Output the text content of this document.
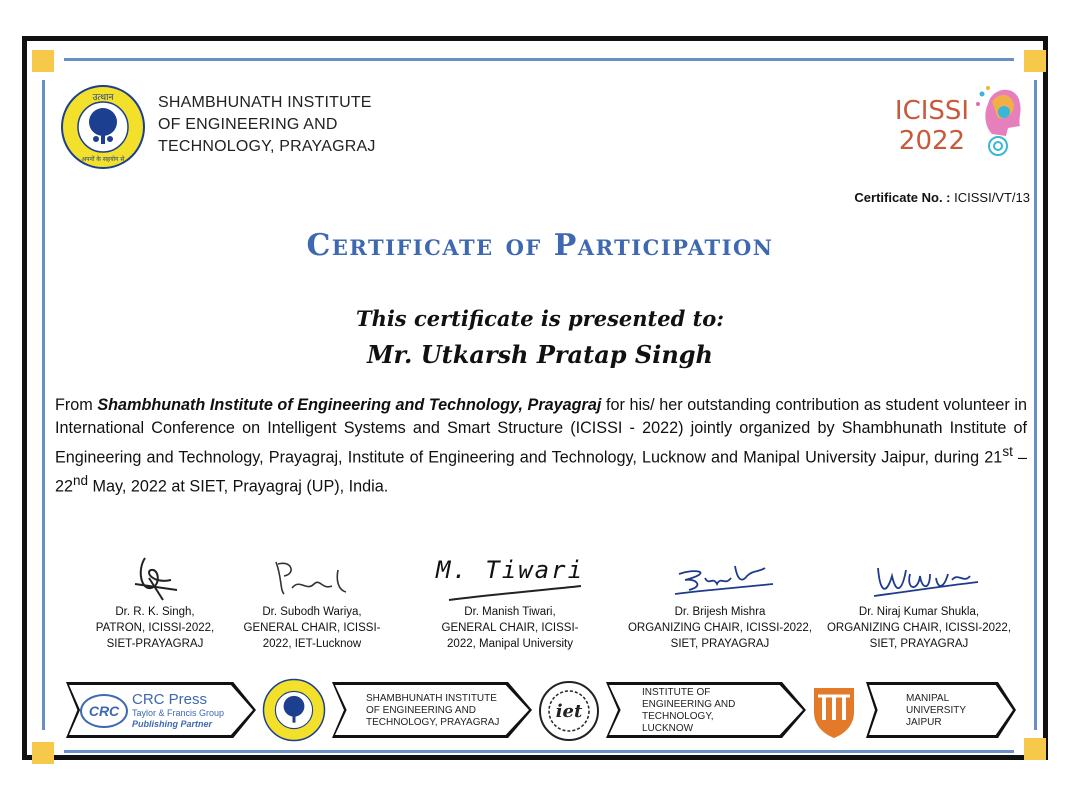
उत्थान
अपनों के सहयोग से
SHAMBHUNATH INSTITUTE
OF ENGINEERING AND
TECHNOLOGY, PRAYAGRAJ
ICISSI
2022
Certificate No. : ICISSI/VT/13
Certificate of Participation
This certificate is presented to:
Mr. Utkarsh Pratap Singh
From Shambhunath Institute of Engineering and Technology, Prayagraj for his/ her outstanding contribution as student volunteer in International Conference on Intelligent Systems and Smart Structure (ICISSI - 2022) jointly organized by Shambhunath Institute of Engineering and Technology, Prayagraj, Institute of Engineering and Technology, Lucknow and Manipal University Jaipur, during 21st – 22nd May, 2022 at SIET, Prayagraj (UP), India.
Dr. R. K. Singh,
PATRON, ICISSI-2022,
SIET-PRAYAGRAJ
Dr. Subodh Wariya,
GENERAL CHAIR, ICISSI-
2022, IET-Lucknow
M. Tiwari
Dr. Manish Tiwari,
GENERAL CHAIR, ICISSI-
2022, Manipal University
Dr. Brijesh Mishra
ORGANIZING CHAIR, ICISSI-2022,
SIET, PRAYAGRAJ
Dr. Niraj Kumar Shukla,
ORGANIZING CHAIR, ICISSI-2022,
SIET, PRAYAGRAJ
CRC
CRC Press
Taylor & Francis Group
Publishing Partner
SHAMBHUNATH INSTITUTE
OF ENGINEERING AND
TECHNOLOGY, PRAYAGRAJ
iet
INSTITUTE OF
ENGINEERING AND
TECHNOLOGY,
LUCKNOW
MANIPAL
UNIVERSITY
JAIPUR
